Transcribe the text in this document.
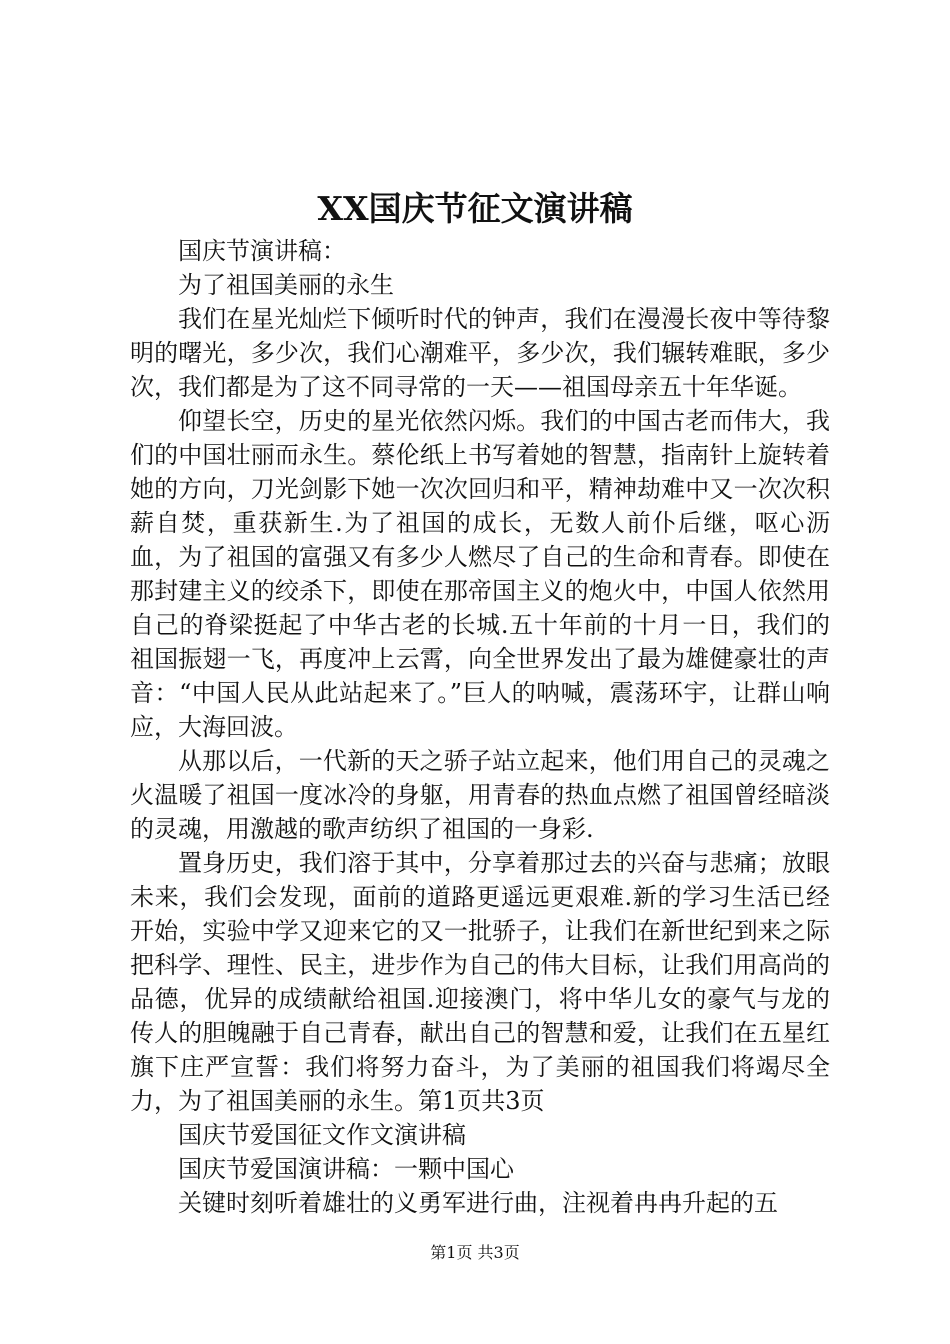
XX国庆节征文演讲稿

国庆节演讲稿：

为了祖国美丽的永生

我们在星光灿烂下倾听时代的钟声，我们在漫漫长夜中等待黎明的曙光，多少次，我们心潮难平，多少次，我们辗转难眠，多少次，我们都是为了这不同寻常的一天——祖国母亲五十年华诞。

仰望长空，历史的星光依然闪烁。我们的中国古老而伟大，我们的中国壮丽而永生。蔡伦纸上书写着她的智慧，指南针上旋转着她的方向，刀光剑影下她一次次回归和平，精神劫难中又一次次积薪自焚，重获新生.为了祖国的成长，无数人前仆后继，呕心沥血，为了祖国的富强又有多少人燃尽了自己的生命和青春。即使在那封建主义的绞杀下，即使在那帝国主义的炮火中，中国人依然用自己的脊梁挺起了中华古老的长城.五十年前的十月一日，我们的祖国振翅一飞，再度冲上云霄，向全世界发出了最为雄健豪壮的声音：“中国人民从此站起来了。”巨人的呐喊，震荡环宇，让群山响应，大海回波。

从那以后，一代新的天之骄子站立起来，他们用自己的灵魂之火温暖了祖国一度冰冷的身躯，用青春的热血点燃了祖国曾经暗淡的灵魂，用激越的歌声纺织了祖国的一身彩.

置身历史，我们溶于其中，分享着那过去的兴奋与悲痛；放眼未来，我们会发现，面前的道路更遥远更艰难.新的学习生活已经开始，实验中学又迎来它的又一批骄子，让我们在新世纪到来之际把科学、理性、民主，进步作为自己的伟大目标，让我们用高尚的品德，优异的成绩献给祖国.迎接澳门，将中华儿女的豪气与龙的传人的胆魄融于自己青春，献出自己的智慧和爱，让我们在五星红旗下庄严宣誓：我们将努力奋斗，为了美丽的祖国我们将竭尽全力，为了祖国美丽的永生。第1页共3页

国庆节爱国征文作文演讲稿

国庆节爱国演讲稿：一颗中国心

关键时刻听着雄壮的义勇军进行曲，注视着冉冉升起的五

第1页 共3页
